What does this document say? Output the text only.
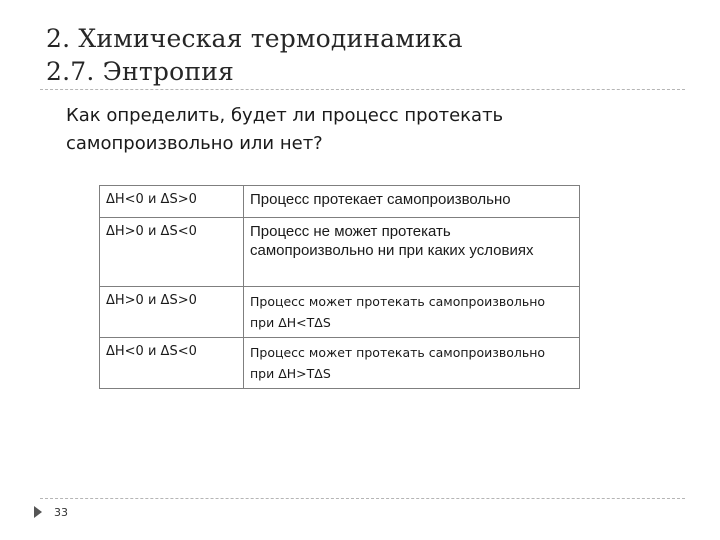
2. Химическая термодинамика
2.7. Энтропия
Как определить, будет ли процесс протекать самопроизвольно или нет?
ΔH<0 и ΔS>0	Процесс протекает самопроизвольно
ΔH>0 и ΔS<0	Процесс не может протекать самопроизвольно ни при каких условиях
ΔH>0 и ΔS>0	Процесс может протекать самопроизвольно при ΔH<TΔS
ΔH<0 и ΔS<0	Процесс может протекать самопроизвольно при ΔH>TΔS
33
